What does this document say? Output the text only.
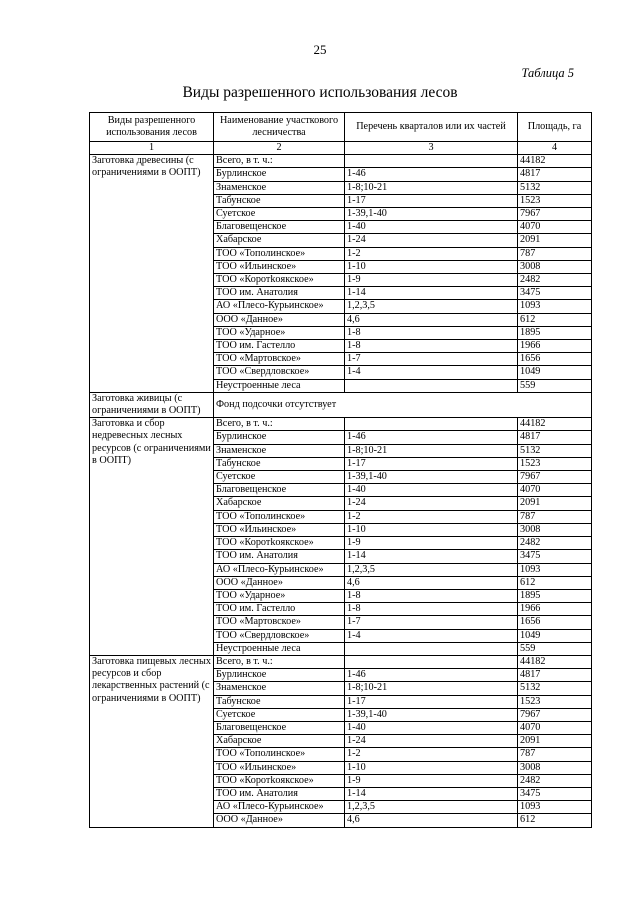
25
Таблица 5
Виды разрешенного использования лесов
Виды разрешенного использования лесов	Наименование участкового лесничества	Перечень кварталов или их частей	Площадь, га
1	2	3	4
Заготовка древесины (с ограничениями в ООПТ)	Всего, в т. ч.:		44182
	Бурлинское	1-46	4817
	Знаменское	1-8;10-21	5132
	Табунское	1-17	1523
	Суетское	1-39,1-40	7967
	Благовещенское	1-40	4070
	Хабарское	1-24	2091
	ТОО «Тополинское»	1-2	787
	ТОО «Ильинское»	1-10	3008
	ТОО «Коротkoякское»	1-9	2482
	ТОО им. Анатолия	1-14	3475
	АО «Плесо-Курьинское»	1,2,3,5	1093
	ООО «Данное»	4,6	612
	ТОО «Ударное»	1-8	1895
	ТОО им. Гастелло	1-8	1966
	ТОО «Мартовское»	1-7	1656
	ТОО «Свердловское»	1-4	1049
	Неустроенные леса		559
Заготовка живицы (с ограничениями в ООПТ)	Фонд подсочки отсутствует		
Заготовка и сбор недревесных лесных ресурсов (с ограничениями в ООПТ)	Всего, в т. ч.:		44182
	Бурлинское	1-46	4817
	Знаменское	1-8;10-21	5132
	Табунское	1-17	1523
	Суетское	1-39,1-40	7967
	Благовещенское	1-40	4070
	Хабарское	1-24	2091
	ТОО «Тополинское»	1-2	787
	ТОО «Ильинское»	1-10	3008
	ТОО «Коротkoякское»	1-9	2482
	ТОО им. Анатолия	1-14	3475
	АО «Плесо-Курьинское»	1,2,3,5	1093
	ООО «Данное»	4,6	612
	ТОО «Ударное»	1-8	1895
	ТОО им. Гастелло	1-8	1966
	ТОО «Мартовское»	1-7	1656
	ТОО «Свердловское»	1-4	1049
	Неустроенные леса		559
Заготовка пищевых лесных ресурсов и сбор лекарственных растений (с ограничениями в ООПТ)	Всего, в т. ч.:		44182
	Бурлинское	1-46	4817
	Знаменское	1-8;10-21	5132
	Табунское	1-17	1523
	Суетское	1-39,1-40	7967
	Благовещенское	1-40	4070
	Хабарское	1-24	2091
	ТОО «Тополинское»	1-2	787
	ТОО «Ильинское»	1-10	3008
	ТОО «Коротkoякское»	1-9	2482
	ТОО им. Анатолия	1-14	3475
	АО «Плесо-Курьинское»	1,2,3,5	1093
	ООО «Данное»	4,6	612
